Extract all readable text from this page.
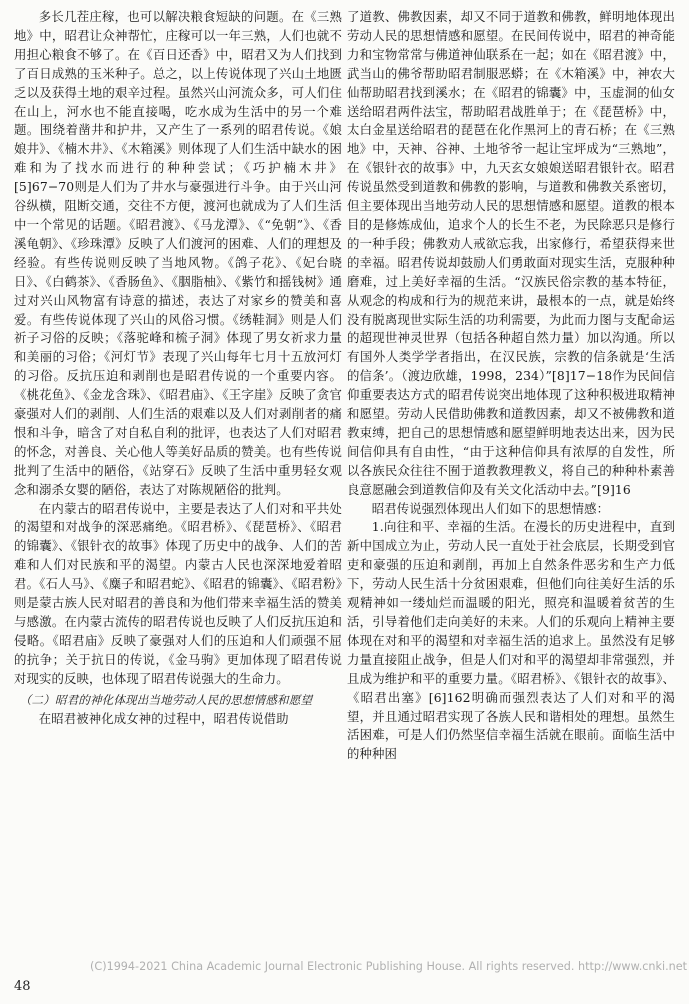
多长几茬庄稼，也可以解决粮食短缺的问题。在《三熟地》中，昭君让众神帮忙，庄稼可以一年三熟，人们也就不用担心粮食不够了。在《百日还香》中，昭君又为人们找到了百日成熟的玉米种子。总之，以上传说体现了兴山土地匮乏以及获得土地的艰辛过程。虽然兴山河流众多，可人们住在山上，河水也不能直接喝，吃水成为生活中的另一个难题。围绕着凿井和护井，又产生了一系列的昭君传说。《娘娘井》、《楠木井》、《木箱溪》则体现了人们生活中缺水的困难和为了找水而进行的种种尝试；《巧护楠木井》[5]67−70则是人们为了井水与豪强进行斗争。由于兴山河谷纵横，阻断交通，交往不方便，渡河也就成为了人们生活中一个常见的话题。《昭君渡》、《马龙潭》、《“免朝”》、《香溪龟朝》、《珍珠潭》反映了人们渡河的困难、人们的理想及经验。有些传说则反映了当地风物。《鸽子花》、《妃台晓日》、《白鹤茶》、《香肠鱼》、《胭脂柚》、《紫竹和摇钱树》通过对兴山风物富有诗意的描述，表达了对家乡的赞美和喜爱。有些传说体现了兴山的风俗习惯。《绣鞋洞》则是人们祈子习俗的反映；《落驼峰和梳子洞》体现了男女祈求力量和美丽的习俗；《河灯节》表现了兴山每年七月十五放河灯的习俗。反抗压迫和剥削也是昭君传说的一个重要内容。《桃花鱼》、《金龙含珠》、《昭君庙》、《王字崖》反映了贪官豪强对人们的剥削、人们生活的艰难以及人们对剥削者的痛恨和斗争，暗含了对自私自利的批评，也表达了人们对昭君的怀念，对善良、关心他人等美好品质的赞美。也有些传说批判了生活中的陋俗，《站穿石》反映了生活中重男轻女观念和溺杀女婴的陋俗，表达了对陈规陋俗的批判。

在内蒙古的昭君传说中，主要是表达了人们对和平共处的渴望和对战争的深恶痛绝。《昭君桥》、《琵琶桥》、《昭君的锦囊》、《银针衣的故事》体现了历史中的战争、人们的苦难和人们对民族和平的渴望。内蒙古人民也深深地爱着昭君。《石人马》、《麋子和昭君蛇》、《昭君的锦囊》、《昭君粉》则是蒙古族人民对昭君的善良和为他们带来幸福生活的赞美与感激。在内蒙古流传的昭君传说也反映了人们反抗压迫和侵略。《昭君庙》反映了豪强对人们的压迫和人们顽强不屈的抗争；关于抗日的传说，《金马驹》更加体现了昭君传说对现实的反映，也体现了昭君传说强大的生命力。

（二）昭君的神化体现出当地劳动人民的思想情感和愿望

在昭君被神化成女神的过程中，昭君传说借助

了道教、佛教因素，却又不同于道教和佛教，鲜明地体现出劳动人民的思想情感和愿望。在民间传说中，昭君的神奇能力和宝物常常与佛道神仙联系在一起；如在《昭君渡》中，武当山的佛爷帮助昭君制服恶蟒；在《木箱溪》中，神农大仙帮助昭君找到溪水；在《昭君的锦囊》中，玉虚洞的仙女送给昭君两件法宝，帮助昭君战胜单于；在《琵琶桥》中，太白金星送给昭君的琵琶在化作黑河上的青石桥；在《三熟地》中，天神、谷神、土地爷爷一起让宝坪成为“三熟地”，在《银针衣的故事》中，九天玄女娘娘送昭君银针衣。昭君传说虽然受到道教和佛教的影响，与道教和佛教关系密切，但主要体现出当地劳动人民的思想情感和愿望。道教的根本目的是修炼成仙，追求个人的长生不老，为民除恶只是修行的一种手段；佛教劝人戒欲忘我，出家修行，希望获得来世的幸福。昭君传说却鼓励人们勇敢面对现实生活，克服种种磨难，过上美好幸福的生活。“汉族民俗宗教的基本特征，从观念的构成和行为的规范来讲，最根本的一点，就是始终没有脱离现世实际生活的功利需要，为此而力图与支配命运的超现世神灵世界（包括各种超自然力量）加以沟通。所以有国外人类学学者指出，在汉民族，宗教的信条就是‘生活的信条’。（渡边欣雄，1998，234）”[8]17−18作为民间信仰重要表达方式的昭君传说突出地体现了这种积极进取精神和愿望。劳动人民借助佛教和道教因素，却又不被佛教和道教束缚，把自己的思想情感和愿望鲜明地表达出来，因为民间信仰具有自由性，“由于这种信仰具有浓厚的自发性，所以各族民众往往不囿于道教教理教义，将自己的种种朴素善良意愿融会到道教信仰及有关文化活动中去。”[9]16

昭君传说强烈体现出人们如下的思想情感：

1.向往和平、幸福的生活。在漫长的历史进程中，直到新中国成立为止，劳动人民一直处于社会底层，长期受到官吏和豪强的压迫和剥削，再加上自然条件恶劣和生产力低下，劳动人民生活十分贫困艰难，但他们向往美好生活的乐观精神如一缕灿烂而温暖的阳光，照亮和温暖着贫苦的生活，引导着他们走向美好的未来。人们的乐观向上精神主要体现在对和平的渴望和对幸福生活的追求上。虽然没有足够力量直接阻止战争，但是人们对和平的渴望却非常强烈，并且成为维护和平的重要力量。《昭君桥》、《银针衣的故事》、《昭君出塞》[6]162明确而强烈表达了人们对和平的渴望，并且通过昭君实现了各族人民和谐相处的理想。虽然生活困难，可是人们仍然坚信幸福生活就在眼前。面临生活中的种种困

(C)1994-2021 China Academic Journal Electronic Publishing House. All rights reserved. http://www.cnki.net
48
